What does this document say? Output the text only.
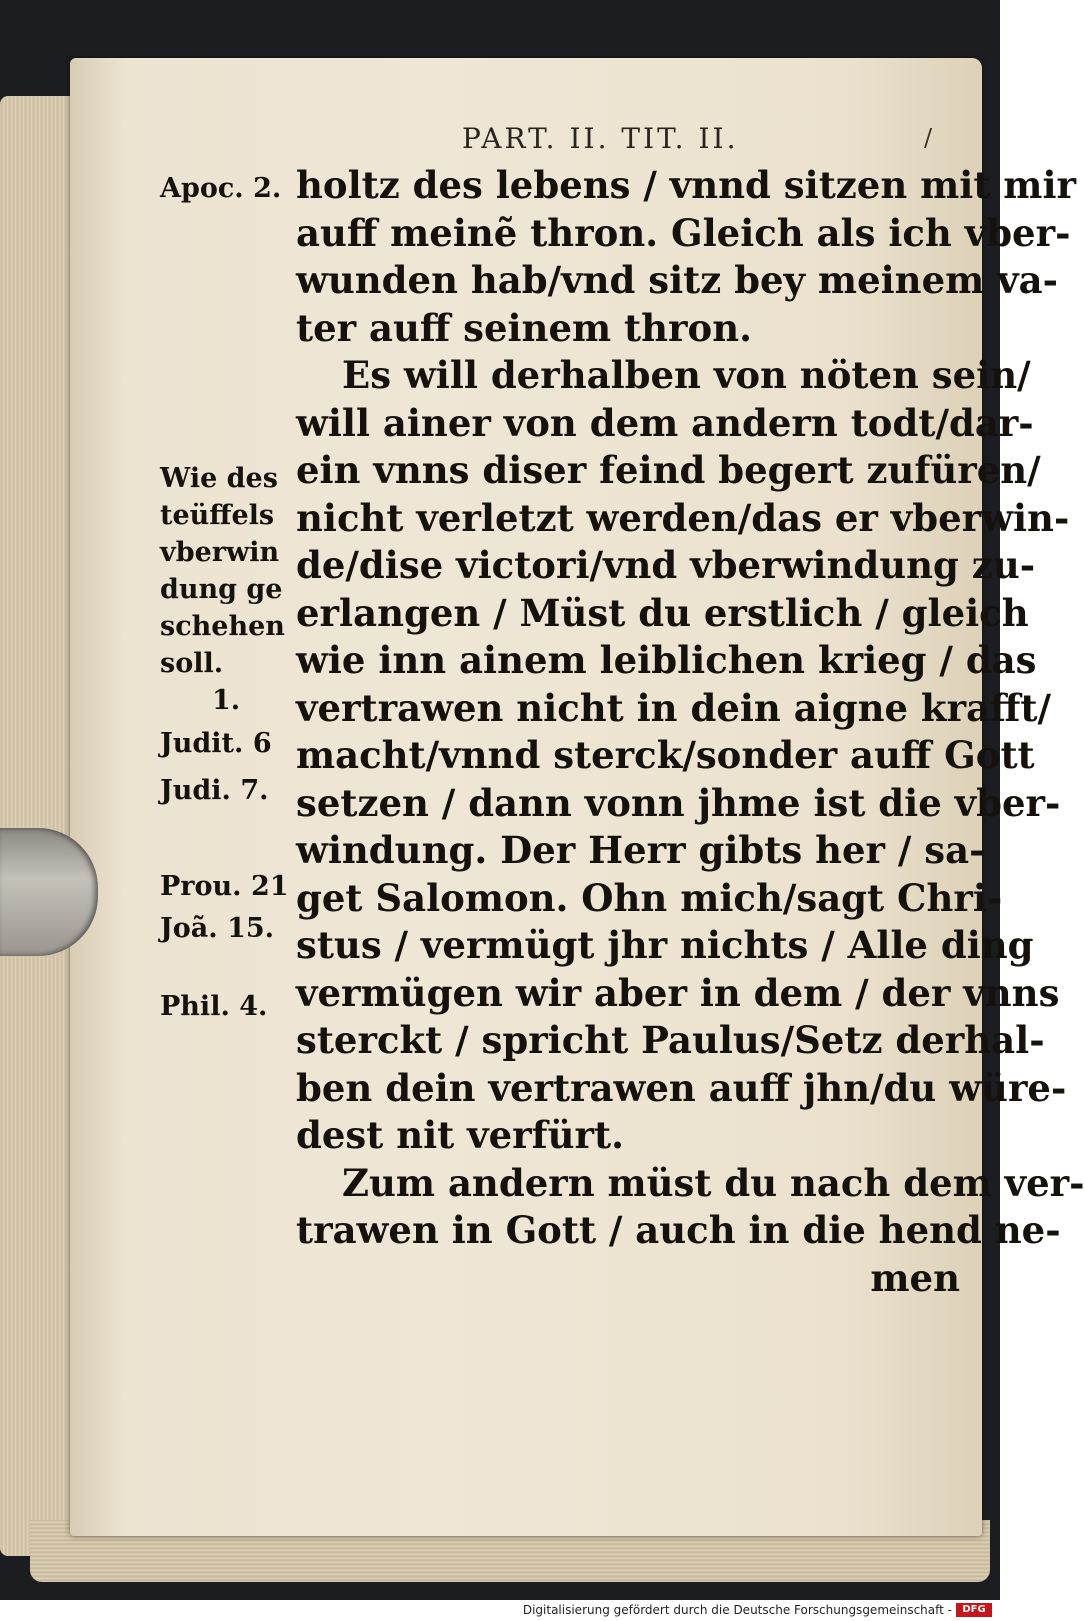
PART. II. TIT. II.	/
Apoc. 2.
Wie des
teüffels
vberwin
dung ge
schehen
soll.
1.
Judit. 6
Judi. 7.
Prou. 21
Joã. 15.
Phil. 4.
holtz des lebens / vnnd sitzen mit mir
auff meinẽ thron. Gleich als ich vber-
wunden hab/vnd sitz bey meinem va-
ter auff seinem thron.
Es will derhalben von nöten sein/
will ainer von dem andern todt/dar-
ein vnns diser feind begert zufüren/
nicht verletzt werden/das er vberwin-
de/dise victori/vnd vberwindung zu-
erlangen / Müst du erstlich / gleich
wie inn ainem leiblichen krieg / das
vertrawen nicht in dein aigne krafft/
macht/vnnd sterck/sonder auff Gott
setzen / dann vonn jhme ist die vber-
windung. Der Herr gibts her / sa-
get Salomon. Ohn mich/sagt Chri-
stus / vermügt jhr nichts / Alle ding
vermügen wir aber in dem / der vnns
sterckt / spricht Paulus/Setz derhal-
ben dein vertrawen auff jhn/du würe-
dest nit verfürt.
Zum andern müst du nach dem ver-
trawen in Gott / auch in die hend ne-
men
Digitalisierung gefördert durch die Deutsche Forschungsgemeinschaft -	DFG
